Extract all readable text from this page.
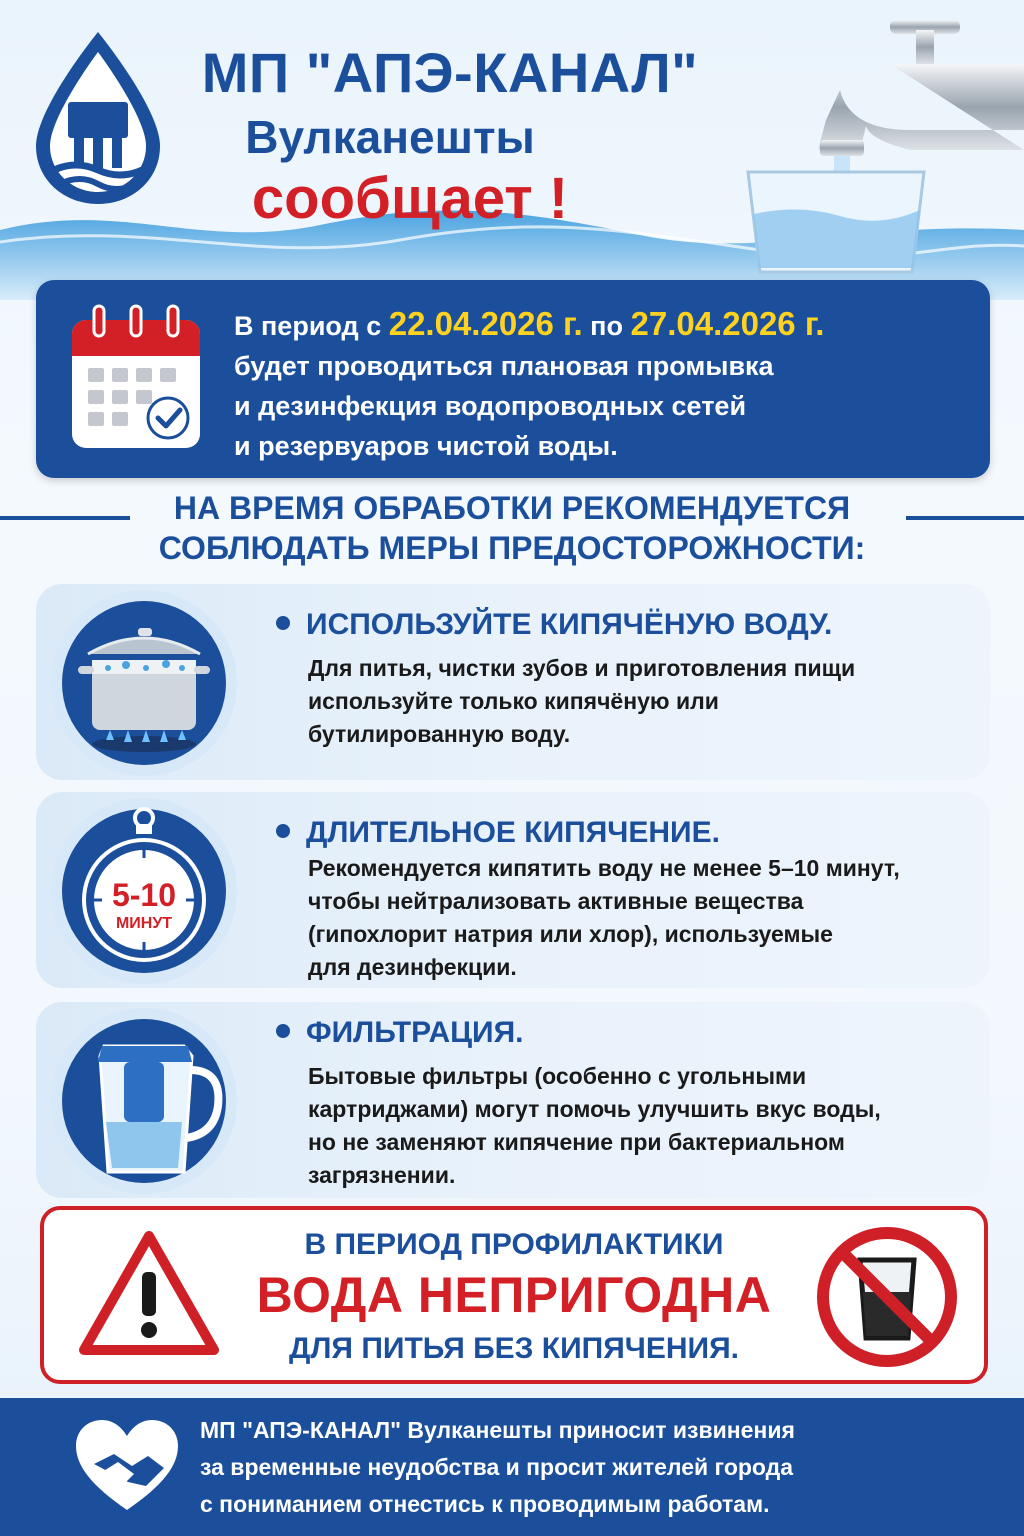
МП "АПЭ-КАНАЛ"
Вулканешты
сообщает !
В период с 22.04.2026 г. по 27.04.2026 г.
будет проводиться плановая промывка
и дезинфекция водопроводных сетей
и резервуаров чистой воды.
НА ВРЕМЯ ОБРАБОТКИ РЕКОМЕНДУЕТСЯ
СОБЛЮДАТЬ МЕРЫ ПРЕДОСТОРОЖНОСТИ:
ИСПОЛЬЗУЙТЕ КИПЯЧЁНУЮ ВОДУ.
Для питья, чистки зубов и приготовления пищи
используйте только кипячёную или
бутилированную воду.
5-10
МИНУТ
ДЛИТЕЛЬНОЕ КИПЯЧЕНИЕ.
Рекомендуется кипятить воду не менее 5–10 минут,
чтобы нейтрализовать активные вещества
(гипохлорит натрия или хлор), используемые
для дезинфекции.
ФИЛЬТРАЦИЯ.
Бытовые фильтры (особенно с угольными
картриджами) могут помочь улучшить вкус воды,
но не заменяют кипячение при бактериальном
загрязнении.
В ПЕРИОД ПРОФИЛАКТИКИ
ВОДА НЕПРИГОДНА
ДЛЯ ПИТЬЯ БЕЗ КИПЯЧЕНИЯ.
МП "АПЭ-КАНАЛ" Вулканешты приносит извинения
за временные неудобства и просит жителей города
с пониманием отнестись к проводимым работам.
